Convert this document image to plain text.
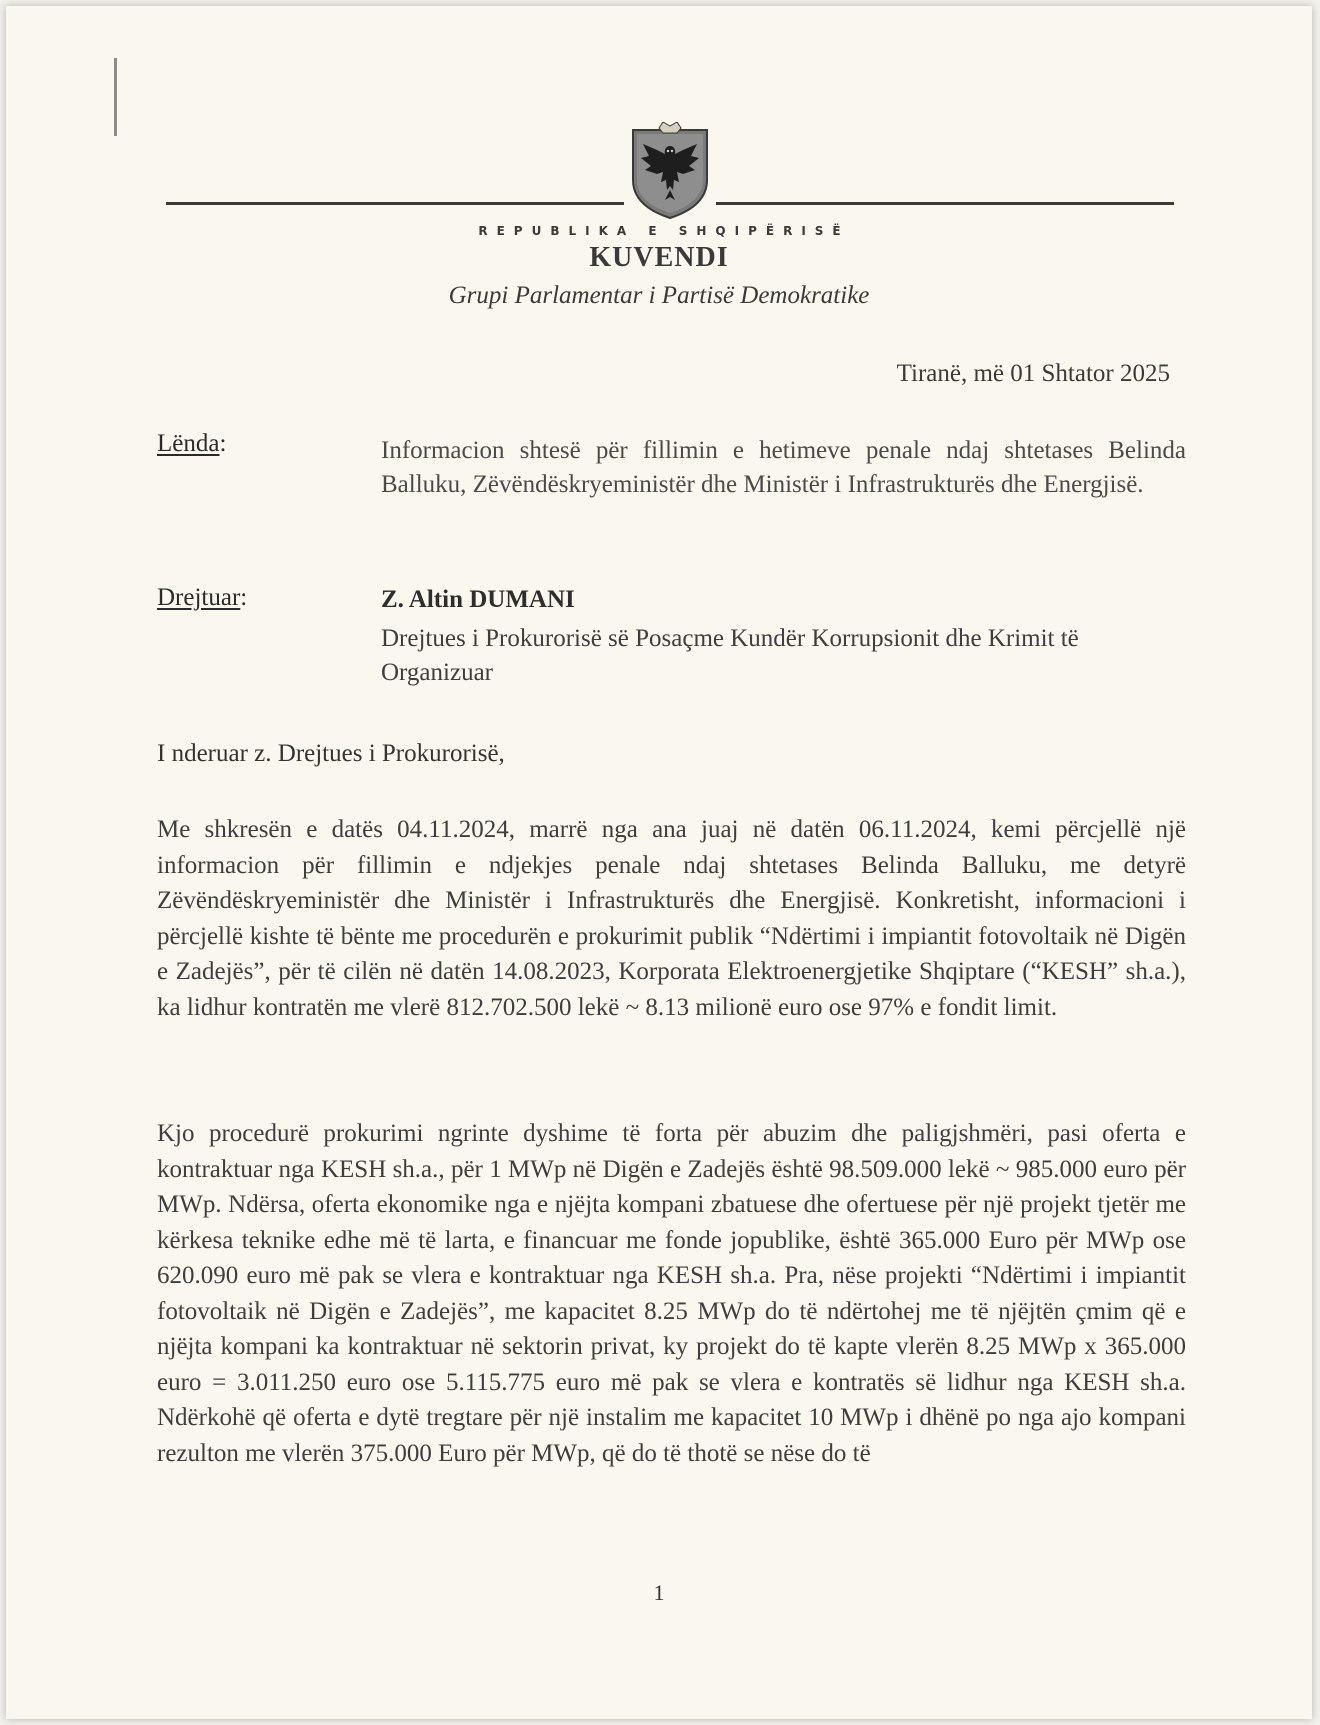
REPUBLIKA E SHQIPËRISË
KUVENDI
Grupi Parlamentar i Partisë Demokratike
Tiranë, më 01 Shtator 2025
Lënda:	Informacion shtesë për fillimin e hetimeve penale ndaj shtetases Belinda Balluku, Zëvëndëskryeministër dhe Ministër i Infrastrukturës dhe Energjisë.
Drejtuar:	Z. Altin DUMANI
Drejtues i Prokurorisë së Posaçme Kundër Korrupsionit dhe Krimit të Organizuar
I nderuar z. Drejtues i Prokurorisë,
Me shkresën e datës 04.11.2024, marrë nga ana juaj në datën 06.11.2024, kemi përcjellë një informacion për fillimin e ndjekjes penale ndaj shtetases Belinda Balluku, me detyrë Zëvëndëskryeministër dhe Ministër i Infrastrukturës dhe Energjisë. Konkretisht, informacioni i përcjellë kishte të bënte me procedurën e prokurimit publik “Ndërtimi i impiantit fotovoltaik në Digën e Zadejës”, për të cilën në datën 14.08.2023, Korporata Elektroenergjetike Shqiptare (“KESH” sh.a.), ka lidhur kontratën me vlerë 812.702.500 lekë ~ 8.13 milionë euro ose 97% e fondit limit.
Kjo procedurë prokurimi ngrinte dyshime të forta për abuzim dhe paligjshmëri, pasi oferta e kontraktuar nga KESH sh.a., për 1 MWp në Digën e Zadejës është 98.509.000 lekë ~ 985.000 euro për MWp. Ndërsa, oferta ekonomike nga e njëjta kompani zbatuese dhe ofertuese për një projekt tjetër me kërkesa teknike edhe më të larta, e financuar me fonde jopublike, është 365.000 Euro për MWp ose 620.090 euro më pak se vlera e kontraktuar nga KESH sh.a. Pra, nëse projekti “Ndërtimi i impiantit fotovoltaik në Digën e Zadejës”, me kapacitet 8.25 MWp do të ndërtohej me të njëjtën çmim që e njëjta kompani ka kontraktuar në sektorin privat, ky projekt do të kapte vlerën 8.25 MWp x 365.000 euro = 3.011.250 euro ose 5.115.775 euro më pak se vlera e kontratës së lidhur nga KESH sh.a. Ndërkohë që oferta e dytë tregtare për një instalim me kapacitet 10 MWp i dhënë po nga ajo kompani rezulton me vlerën 375.000 Euro për MWp, që do të thotë se nëse do të
1
